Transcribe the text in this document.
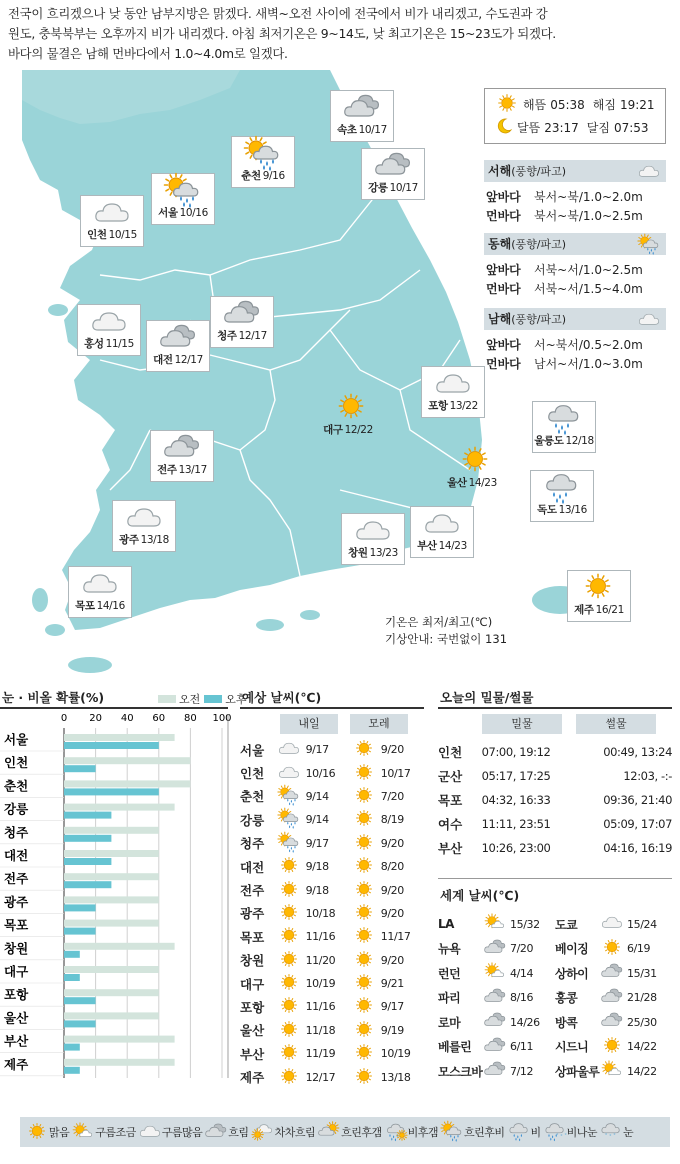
전국이 흐리겠으나 낮 동안 남부지방은 맑겠다. 새벽~오전 사이에 전국에서 비가 내리겠고, 수도권과 강

원도, 충북북부는 오후까지 비가 내리겠다. 아침 최저기온은 9~14도, 낮 최고기온은 15~23도가 되겠다.

바다의 물결은 남해 먼바다에서 1.0~4.0m로 일겠다.

속초 10/17
춘천 9/16
강릉 10/17
서울 10/16
인천 10/15
홍성 11/15
청주 12/17
대전 12/17
포항 13/22
대구 12/22
울릉도 12/18
전주 13/17
울산 14/23
독도 13/16
광주 13/18
창원 13/23
부산 14/23
목포 14/16	제주 16/21
기온은 최저/최고(℃)
기상안내: 국번없이 131
해뜸 05:38 해짐 19:21
달뜸 23:17 달짐 07:53
서해(풍향/파고)
앞바다 북서~북/1.0~2.0m
먼바다 북서~북/1.0~2.5m
동해(풍향/파고)
앞바다 서북~서/1.0~2.5m
먼바다 서북~서/1.5~4.0m
남해(풍향/파고)
앞바다 서~북서/0.5~2.0m
먼바다 남서~서/1.0~3.0m
눈 · 비올 확률(%)	오전 오후
0 20 40 60 80 100
서울
인천
춘천
강릉
청주
대전
전주
광주
목포
창원
대구
포항
울산
부산
제주
예상 날씨(℃)
내일	모레
서울	9/17	9/20
인천	10/16	10/17
춘천	9/14	7/20
강릉	9/14	8/19
청주	9/17	9/20
대전	9/18	8/20
전주	9/18	9/20
광주	10/18	9/20
목포	11/16	11/17
창원	11/20	9/20
대구	10/19	9/21
포항	11/16	9/17
울산	11/18	9/19
부산	11/19	10/19
제주	12/17	13/18
오늘의 밀물/썰물
밀물	썰물
인천	07:00, 19:12	00:49, 13:24
군산	05:17, 17:25	12:03, -:-
목포	04:32, 16:33	09:36, 21:40
여수	11:11, 23:51	05:09, 17:07
부산	10:26, 23:00	04:16, 16:19
세계 날씨(℃)
LA	15/32 도쿄	15/24
뉴욕	7/20 베이징	6/19
런던	4/14 상하이	15/31
파리	8/16 홍콩	21/28
로마	14/26 방콕	25/30
베를린	6/11 시드니	14/22
모스크바	7/12 상파울루	14/22
맑음 구름조금 구름많음 흐림 차차흐림 흐린후갬 비후갬 흐린후비 비 * * * 비나눈 * * * 눈
